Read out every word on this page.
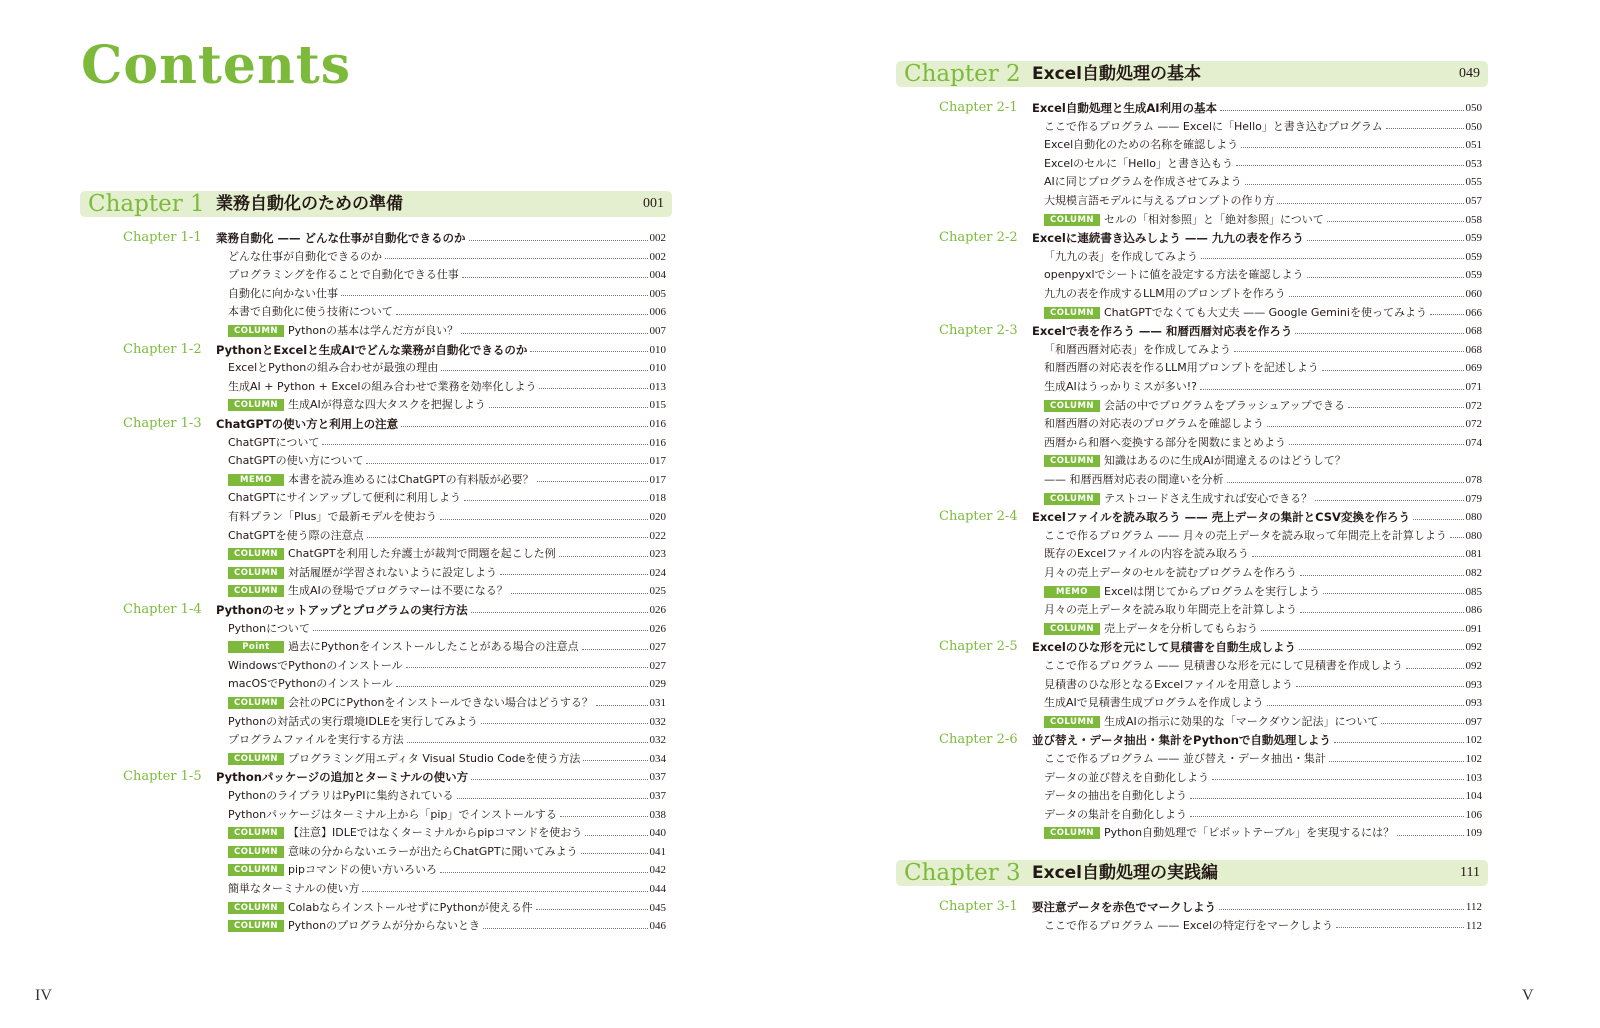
Contents
Chapter 1 業務自動化のための準備	001
Chapter 1-1 業務自動化 —— どんな仕事が自動化できるのか	002
どんな仕事が自動化できるのか	002
プログラミングを作ることで自動化できる仕事	004
自動化に向かない仕事	005
本書で自動化に使う技術について	006
COLUMN Pythonの基本は学んだ方が良い？	007
Chapter 1-2 PythonとExcelと生成AIでどんな業務が自動化できるのか	010
ExcelとPythonの組み合わせが最強の理由	010
生成AI + Python + Excelの組み合わせで業務を効率化しよう	013
COLUMN 生成AIが得意な四大タスクを把握しよう	015
Chapter 1-3 ChatGPTの使い方と利用上の注意	016
ChatGPTについて	016
ChatGPTの使い方について	017
MEMO	本書を読み進めるにはChatGPTの有料版が必要？	017
ChatGPTにサインアップして便利に利用しよう	018
有料プラン「Plus」で最新モデルを使おう	020
ChatGPTを使う際の注意点	022
COLUMN ChatGPTを利用した弁護士が裁判で問題を起こした例	023
COLUMN 対話履歴が学習されないように設定しよう	024
COLUMN 生成AIの登場でプログラマーは不要になる？	025
Chapter 1-4 Pythonのセットアップとプログラムの実行方法	026
Pythonについて	026
Point	過去にPythonをインストールしたことがある場合の注意点	027
WindowsでPythonのインストール	027
macOSでPythonのインストール	029
COLUMN 会社のPCにPythonをインストールできない場合はどうする？	031
Pythonの対話式の実行環境IDLEを実行してみよう	032
プログラムファイルを実行する方法	032
COLUMN プログラミング用エディタ Visual Studio Codeを使う方法	034
Chapter 1-5 Pythonパッケージの追加とターミナルの使い方	037
PythonのライブラリはPyPIに集約されている	037
Pythonパッケージはターミナル上から「pip」でインストールする	038
COLUMN 【注意】IDLEではなくターミナルからpipコマンドを使おう	040
COLUMN 意味の分からないエラーが出たらChatGPTに聞いてみよう	041
COLUMN pipコマンドの使い方いろいろ	042
簡単なターミナルの使い方	044
COLUMN ColabならインストールせずにPythonが使える件	045
COLUMN Pythonのプログラムが分からないとき	046
IV
Chapter 2 Excel自動処理の基本	049
Chapter 2-1 Excel自動処理と生成AI利用の基本	050
ここで作るプログラム —— Excelに「Hello」と書き込むプログラム	050
Excel自動化のための名称を確認しよう	051
Excelのセルに「Hello」と書き込もう	053
AIに同じプログラムを作成させてみよう	055
大規模言語モデルに与えるプロンプトの作り方	057
COLUMN セルの「相対参照」と「絶対参照」について	058
Chapter 2-2 Excelに連続書き込みしよう —— 九九の表を作ろう	059
「九九の表」を作成してみよう	059
openpyxlでシートに値を設定する方法を確認しよう	059
九九の表を作成するLLM用のプロンプトを作ろう	060
COLUMN ChatGPTでなくても大丈夫 —— Google Geminiを使ってみよう	066
Chapter 2-3 Excelで表を作ろう —— 和暦西暦対応表を作ろう	068
「和暦西暦対応表」を作成してみよう	068
和暦西暦の対応表を作るLLM用プロンプトを記述しよう	069
生成AIはうっかりミスが多い!?	071
COLUMN 会話の中でプログラムをブラッシュアップできる	072
和暦西暦の対応表のプログラムを確認しよう	072
西暦から和暦へ変換する部分を関数にまとめよう	074
COLUMN 知識はあるのに生成AIが間違えるのはどうして？
—— 和暦西暦対応表の間違いを分析	078
COLUMN テストコードさえ生成すれば安心できる？	079
Chapter 2-4 Excelファイルを読み取ろう —— 売上データの集計とCSV変換を作ろう	080
ここで作るプログラム —— 月々の売上データを読み取って年間売上を計算しよう 080
既存のExcelファイルの内容を読み取ろう	081
月々の売上データのセルを読むプログラムを作ろう	082
MEMO	Excelは閉じてからプログラムを実行しよう	085
月々の売上データを読み取り年間売上を計算しよう	086
COLUMN 売上データを分析してもらおう	091
Chapter 2-5 Excelのひな形を元にして見積書を自動生成しよう	092
ここで作るプログラム —— 見積書ひな形を元にして見積書を作成しよう	092
見積書のひな形となるExcelファイルを用意しよう	093
生成AIで見積書生成プログラムを作成しよう	093
COLUMN 生成AIの指示に効果的な「マークダウン記法」について	097
Chapter 2-6 並び替え・データ抽出・集計をPythonで自動処理しよう	102
ここで作るプログラム —— 並び替え・データ抽出・集計	102
データの並び替えを自動化しよう	103
データの抽出を自動化しよう	104
データの集計を自動化しよう	106
COLUMN Python自動処理で「ピボットテーブル」を実現するには？	109
Chapter 3 Excel自動処理の実践編	111
Chapter 3-1 要注意データを赤色でマークしよう	112
ここで作るプログラム —— Excelの特定行をマークしよう	112
V
